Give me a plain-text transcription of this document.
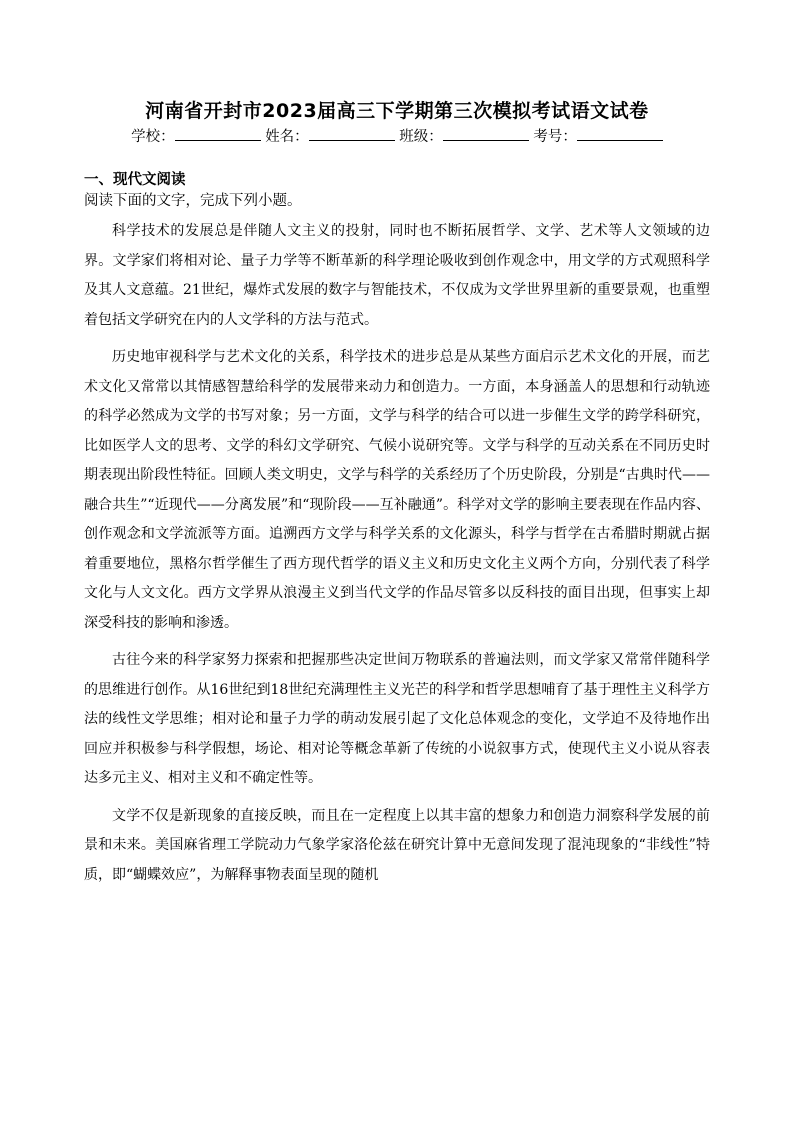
河南省开封市2023届高三下学期第三次模拟考试语文试卷
学校：	姓名：	班级：	考号：
一、现代文阅读
阅读下面的文字，完成下列小题。

科学技术的发展总是伴随人文主义的投射，同时也不断拓展哲学、文学、艺术等人文领域的边界。文学家们将相对论、量子力学等不断革新的科学理论吸收到创作观念中，用文学的方式观照科学及其人文意蕴。21世纪，爆炸式发展的数字与智能技术，不仅成为文学世界里新的重要景观，也重塑着包括文学研究在内的人文学科的方法与范式。

历史地审视科学与艺术文化的关系，科学技术的进步总是从某些方面启示艺术文化的开展，而艺术文化又常常以其情感智慧给科学的发展带来动力和创造力。一方面，本身涵盖人的思想和行动轨迹的科学必然成为文学的书写对象；另一方面，文学与科学的结合可以进一步催生文学的跨学科研究，比如医学人文的思考、文学的科幻文学研究、气候小说研究等。文学与科学的互动关系在不同历史时期表现出阶段性特征。回顾人类文明史，文学与科学的关系经历了个历史阶段，分别是“古典时代——融合共生”“近现代——分离发展”和“现阶段——互补融通”。科学对文学的影响主要表现在作品内容、创作观念和文学流派等方面。追溯西方文学与科学关系的文化源头，科学与哲学在古希腊时期就占据着重要地位，黑格尔哲学催生了西方现代哲学的语义主义和历史文化主义两个方向，分别代表了科学文化与人文文化。西方文学界从浪漫主义到当代文学的作品尽管多以反科技的面目出现，但事实上却深受科技的影响和渗透。

古往今来的科学家努力探索和把握那些决定世间万物联系的普遍法则，而文学家又常常伴随科学的思维进行创作。从16世纪到18世纪充满理性主义光芒的科学和哲学思想哺育了基于理性主义科学方法的线性文学思维；相对论和量子力学的萌动发展引起了文化总体观念的变化，文学迫不及待地作出回应并积极参与科学假想，场论、相对论等概念革新了传统的小说叙事方式，使现代主义小说从容表达多元主义、相对主义和不确定性等。

文学不仅是新现象的直接反映，而且在一定程度上以其丰富的想象力和创造力洞察科学发展的前景和未来。美国麻省理工学院动力气象学家洛伦兹在研究计算中无意间发现了混沌现象的“非线性”特质，即“蝴蝶效应”，为解释事物表面呈现的随机
